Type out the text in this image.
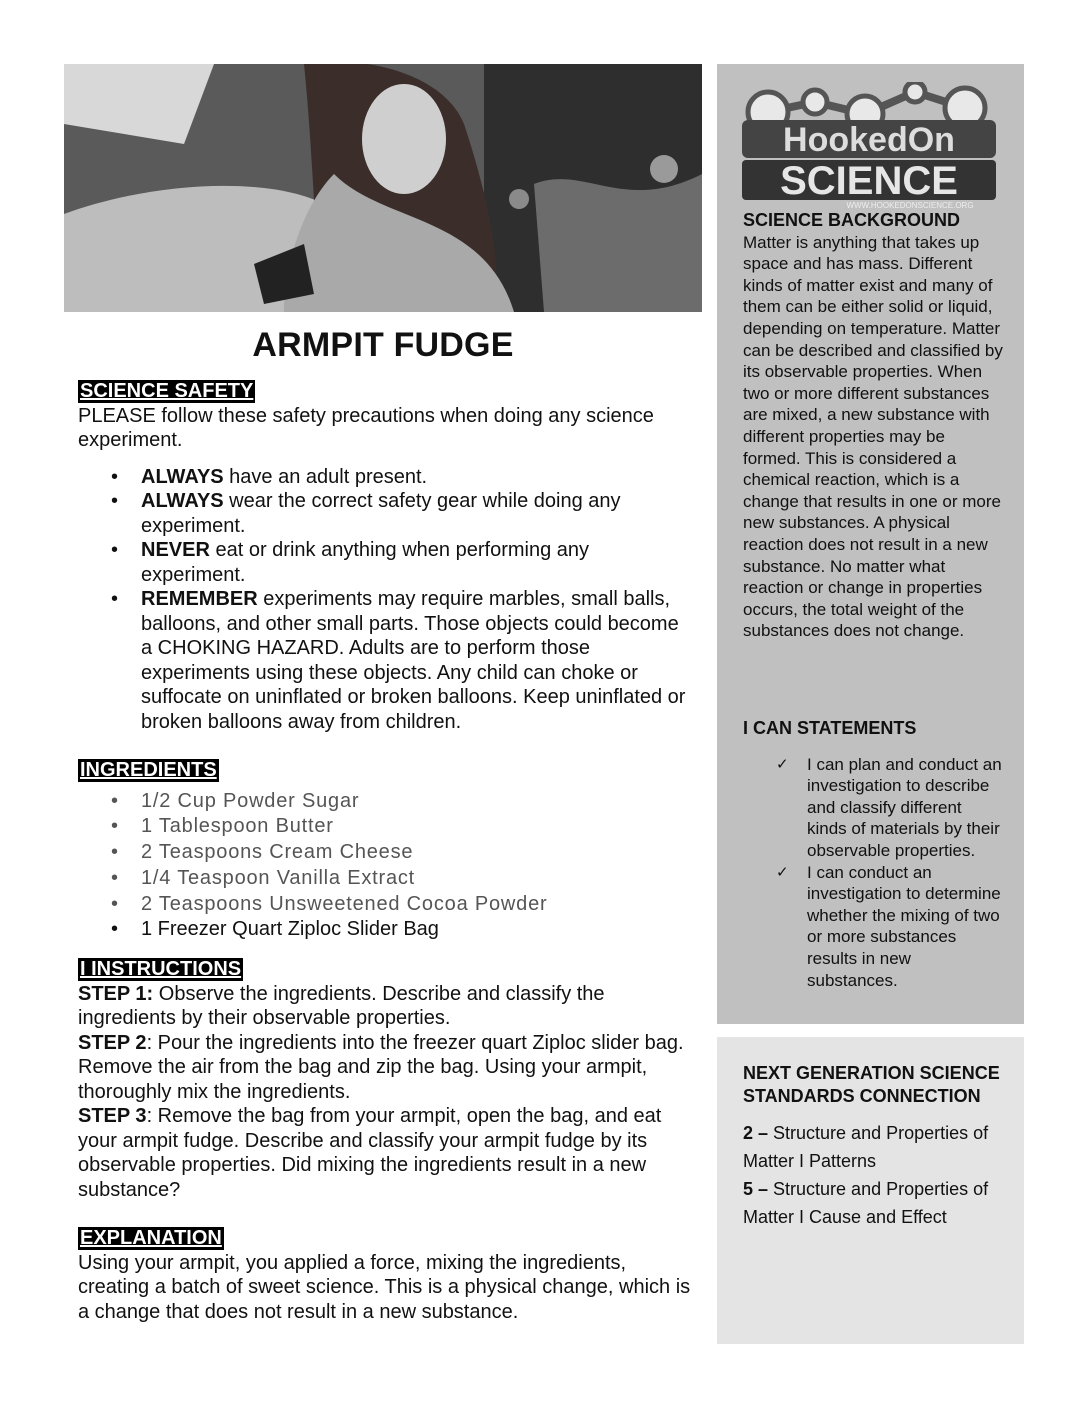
ARMPIT FUDGE
SCIENCE SAFETY

PLEASE follow these safety precautions when doing any science experiment.

• ALWAYS have an adult present.
• ALWAYS wear the correct safety gear while doing any experiment.
• NEVER eat or drink anything when performing any experiment.
• REMEMBER experiments may require marbles, small balls, balloons, and other small parts. Those objects could become a CHOKING HAZARD. Adults are to perform those experiments using these objects. Any child can choke or suffocate on uninflated or broken balloons. Keep uninflated or broken balloons away from children.
INGREDIENTS
• 1/2 Cup Powder Sugar
• 1 Tablespoon Butter
• 2 Teaspoons Cream Cheese
• 1/4 Teaspoon Vanilla Extract
• 2 Teaspoons Unsweetened Cocoa Powder
• 1 Freezer Quart Ziploc Slider Bag
I INSTRUCTIONS

STEP 1: Observe the ingredients. Describe and classify the ingredients by their observable properties.

STEP 2: Pour the ingredients into the freezer quart Ziploc slider bag. Remove the air from the bag and zip the bag. Using your armpit, thoroughly mix the ingredients.

STEP 3: Remove the bag from your armpit, open the bag, and eat your armpit fudge. Describe and classify your armpit fudge by its observable properties. Did mixing the ingredients result in a new substance?

EXPLANATION

Using your armpit, you applied a force, mixing the ingredients, creating a batch of sweet science. This is a physical change, which is a change that does not result in a new substance.

HookedOn
SCIENCE
WWW.HOOKEDONSCIENCE.ORG

SCIENCE BACKGROUND

Matter is anything that takes up space and has mass. Different kinds of matter exist and many of them can be either solid or liquid, depending on temperature. Matter can be described and classified by its observable properties. When two or more different substances are mixed, a new substance with different properties may be formed. This is considered a chemical reaction, which is a change that results in one or more new substances. A physical reaction does not result in a new substance. No matter what reaction or change in properties occurs, the total weight of the substances does not change.

I CAN STATEMENTS

✓ I can plan and conduct an investigation to describe and classify different kinds of materials by their observable properties.
✓ I can conduct an investigation to determine whether the mixing of two or more substances results in new substances.

NEXT GENERATION SCIENCE STANDARDS CONNECTION

2 – Structure and Properties of Matter I Patterns

5 – Structure and Properties of Matter I Cause and Effect
